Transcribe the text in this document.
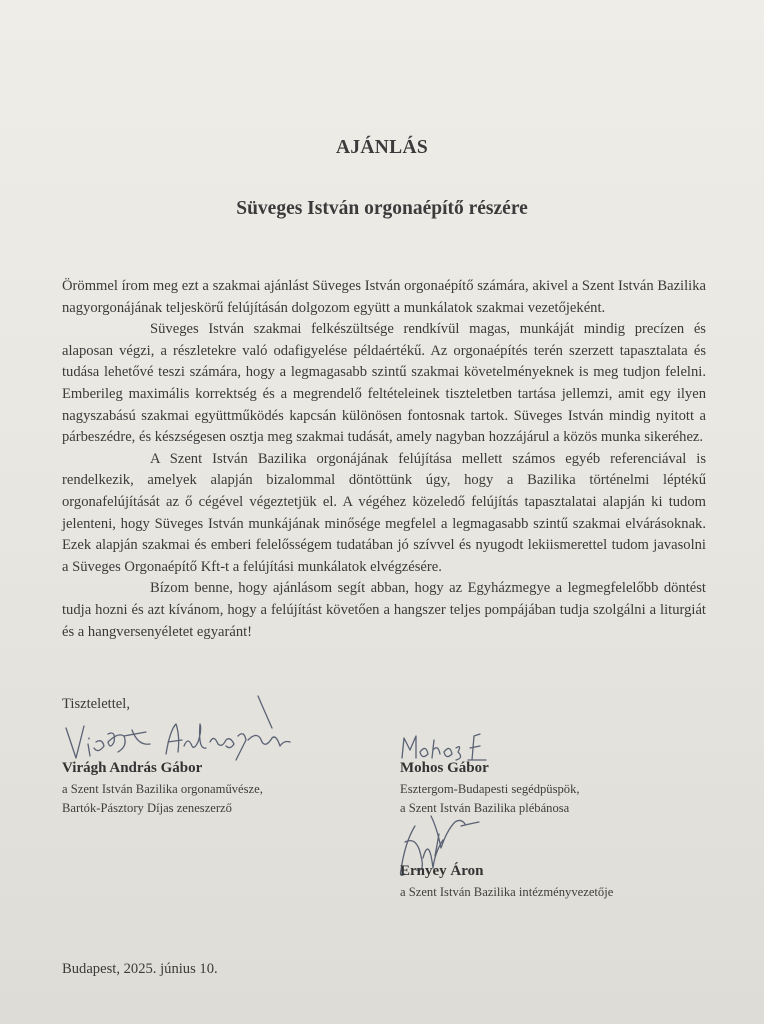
AJÁNLÁS
Süveges István orgonaépítő részére

Örömmel írom meg ezt a szakmai ajánlást Süveges István orgonaépítő számára, akivel a Szent István Bazilika nagyorgonájának teljeskörű felújításán dolgozom együtt a munkálatok szakmai vezetőjeként.

Süveges István szakmai felkészültsége rendkívül magas, munkáját mindig precízen és alaposan végzi, a részletekre való odafigyelése példaértékű. Az orgonaépítés terén szerzett tapasztalata és tudása lehetővé teszi számára, hogy a legmagasabb szintű szakmai követelményeknek is meg tudjon felelni. Emberileg maximális korrektség és a megrendelő feltételeinek tiszteletben tartása jellemzi, amit egy ilyen nagyszabású szakmai együttműködés kapcsán különösen fontosnak tartok. Süveges István mindig nyitott a párbeszédre, és készségesen osztja meg szakmai tudását, amely nagyban hozzájárul a közös munka sikeréhez.

A Szent István Bazilika orgonájának felújítása mellett számos egyéb referenciával is rendelkezik, amelyek alapján bizalommal döntöttünk úgy, hogy a Bazilika történelmi léptékű orgonafelújítását az ő cégével végeztetjük el. A végéhez közeledő felújítás tapasztalatai alapján ki tudom jelenteni, hogy Süveges István munkájának minősége megfelel a legmagasabb szintű szakmai elvárásoknak. Ezek alapján szakmai és emberi felelősségem tudatában jó szívvel és nyugodt lekiismerettel tudom javasolni a Süveges Orgonaépítő Kft-t a felújítási munkálatok elvégzésére.

Bízom benne, hogy ajánlásom segít abban, hogy az Egyházmegye a legmegfelelőbb döntést tudja hozni és azt kívánom, hogy a felújítást követően a hangszer teljes pompájában tudja szolgálni a liturgiát és a hangversenyéletet egyaránt!

Tisztelettel,
Virágh András Gábor
a Szent István Bazilika orgonaművésze,
Bartók-Pásztory Díjas zeneszerző
Mohos Gábor
Esztergom-Budapesti segédpüspök,
a Szent István Bazilika plébánosa
Ernyey Áron
a Szent István Bazilika intézményvezetője
Budapest, 2025. június 10.
